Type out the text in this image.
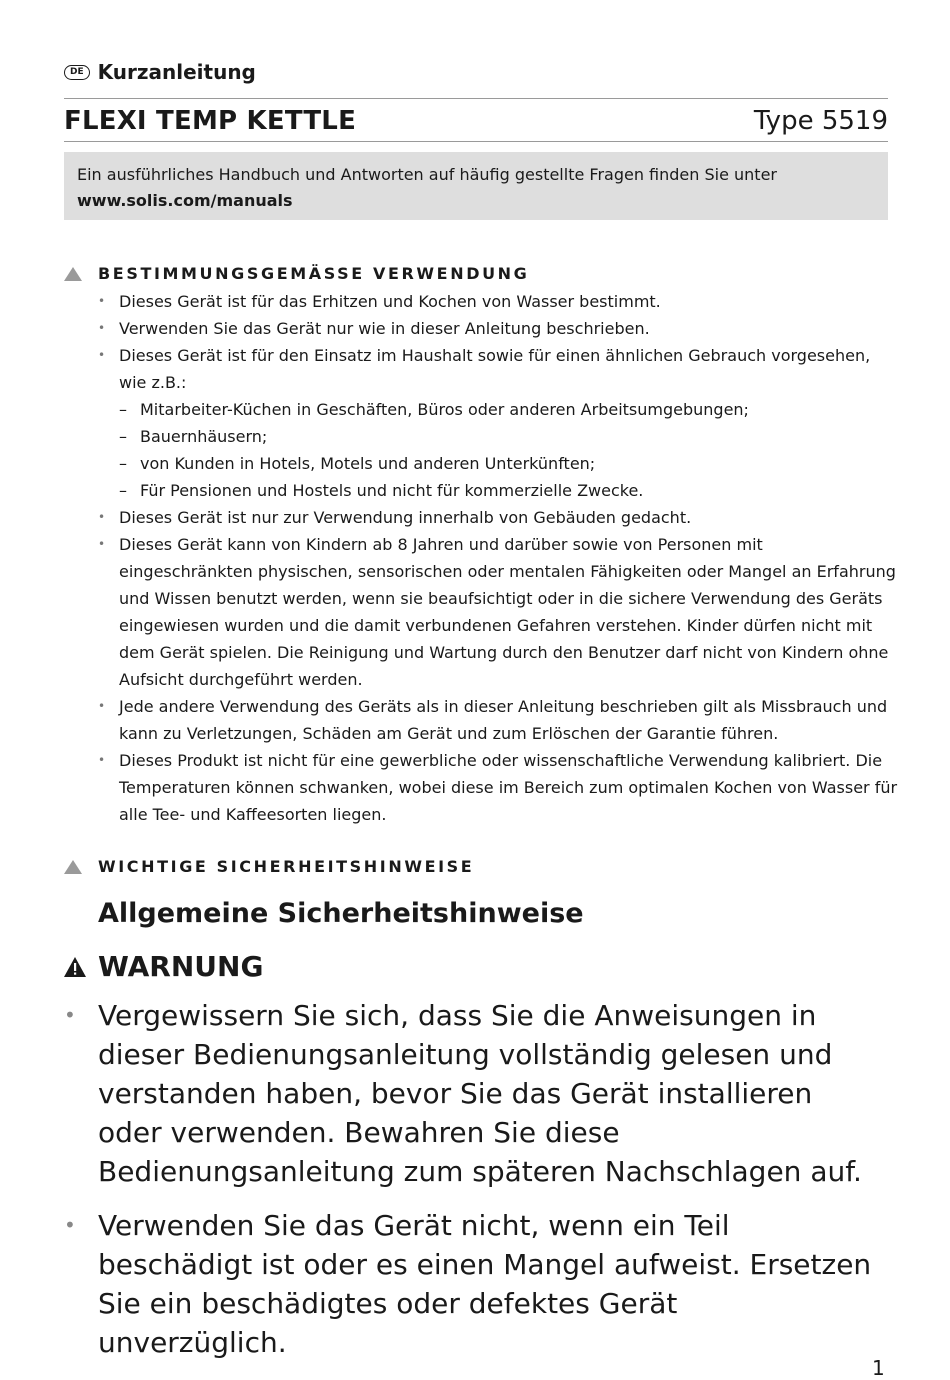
DE Kurzanleitung
FLEXI TEMP KETTLE	Type 5519
Ein ausführliches Handbuch und Antworten auf häufig gestellte Fragen finden Sie unter
www.solis.com/manuals
BESTIMMUNGSGEMÄSSE VERWENDUNG
• Dieses Gerät ist für das Erhitzen und Kochen von Wasser bestimmt.
• Verwenden Sie das Gerät nur wie in dieser Anleitung beschrieben.
• Dieses Gerät ist für den Einsatz im Haushalt sowie für einen ähnlichen Gebrauch vorgesehen, wie z.B.:
– Mitarbeiter-Küchen in Geschäften, Büros oder anderen Arbeitsumgebungen;
– Bauernhäusern;
– von Kunden in Hotels, Motels und anderen Unterkünften;
– Für Pensionen und Hostels und nicht für kommerzielle Zwecke.
• Dieses Gerät ist nur zur Verwendung innerhalb von Gebäuden gedacht.
• Dieses Gerät kann von Kindern ab 8 Jahren und darüber sowie von Personen mit eingeschränkten physischen, sensorischen oder mentalen Fähigkeiten oder Mangel an Erfahrung und Wissen benutzt werden, wenn sie beaufsichtigt oder in die sichere Verwendung des Geräts eingewiesen wurden und die damit verbundenen Gefahren verstehen. Kinder dürfen nicht mit dem Gerät spielen. Die Reinigung und Wartung durch den Benutzer darf nicht von Kindern ohne Aufsicht durchgeführt werden.
• Jede andere Verwendung des Geräts als in dieser Anleitung beschrieben gilt als Missbrauch und kann zu Verletzungen, Schäden am Gerät und zum Erlöschen der Garantie führen.
• Dieses Produkt ist nicht für eine gewerbliche oder wissenschaftliche Verwendung kalibriert. Die Temperaturen können schwanken, wobei diese im Bereich zum optimalen Kochen von Wasser für alle Tee- und Kaffeesorten liegen.
WICHTIGE SICHERHEITSHINWEISE
Allgemeine Sicherheitshinweise
WARNUNG
• Vergewissern Sie sich, dass Sie die Anweisungen in dieser Bedienungsanleitung vollständig gelesen und verstanden haben, bevor Sie das Gerät installieren oder verwenden. Bewahren Sie diese Bedienungsanleitung zum späteren Nachschlagen auf.
• Verwenden Sie das Gerät nicht, wenn ein Teil beschädigt ist oder es einen Mangel aufweist. Ersetzen Sie ein beschädigtes oder defektes Gerät unverzüglich.
1
